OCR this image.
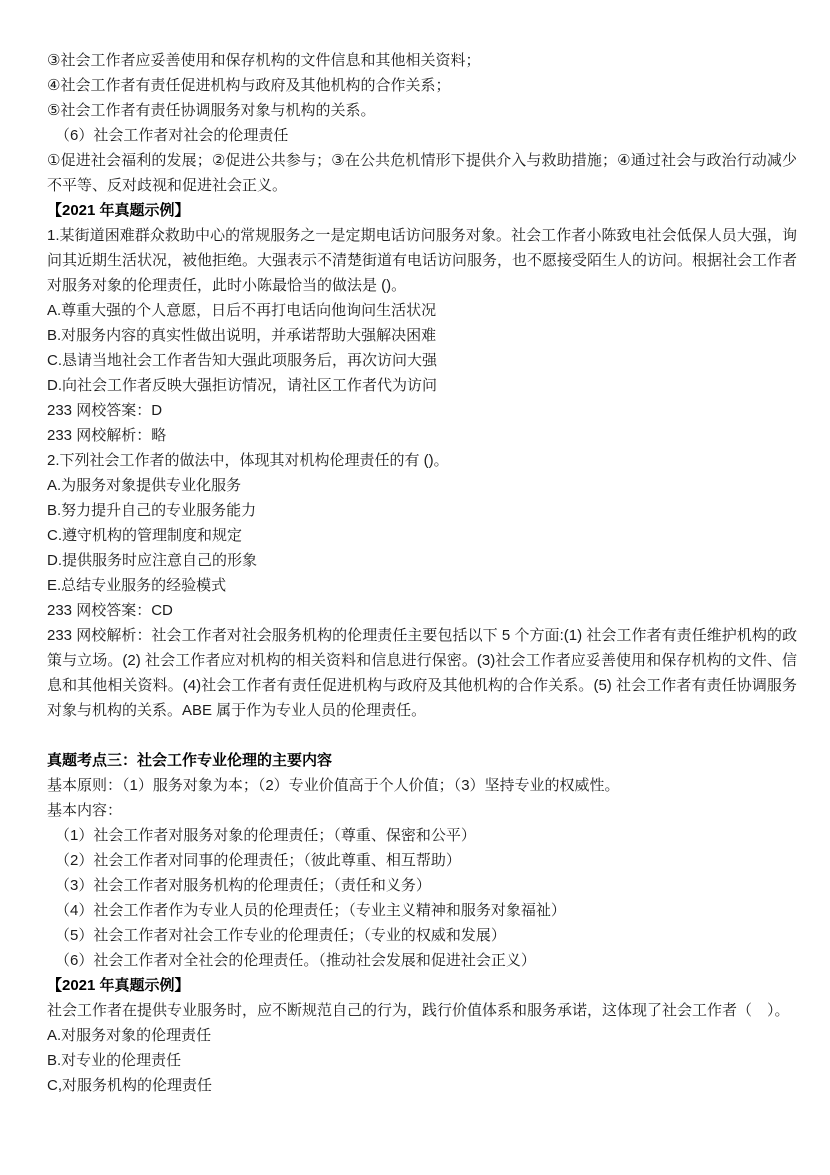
③社会工作者应妥善使用和保存机构的文件信息和其他相关资料；

④社会工作者有责任促进机构与政府及其他机构的合作关系；

⑤社会工作者有责任协调服务对象与机构的关系。

（6）社会工作者对社会的伦理责任

①促进社会福利的发展；②促进公共参与；③在公共危机情形下提供介入与救助措施；④通过社会与政治行动减少不平等、反对歧视和促进社会正义。

【2021 年真题示例】

1.某街道困难群众救助中心的常规服务之一是定期电话访问服务对象。社会工作者小陈致电社会低保人员大强，询问其近期生活状况，被他拒绝。大强表示不清楚街道有电话访问服务，也不愿接受陌生人的访问。根据社会工作者对服务对象的伦理责任，此时小陈最恰当的做法是 ()。

A.尊重大强的个人意愿，日后不再打电话向他询问生活状况

B.对服务内容的真实性做出说明，并承诺帮助大强解决困难

C.恳请当地社会工作者告知大强此项服务后，再次访问大强

D.向社会工作者反映大强拒访情况，请社区工作者代为访问

233 网校答案：D

233 网校解析：略

2.下列社会工作者的做法中，体现其对机构伦理责任的有 ()。

A.为服务对象提供专业化服务

B.努力提升自己的专业服务能力

C.遵守机构的管理制度和规定

D.提供服务时应注意自己的形象

E.总结专业服务的经验模式

233 网校答案：CD

233 网校解析：社会工作者对社会服务机构的伦理责任主要包括以下 5 个方面:(1) 社会工作者有责任维护机构的政策与立场。(2) 社会工作者应对机构的相关资料和信息进行保密。(3)社会工作者应妥善使用和保存机构的文件、信息和其他相关资料。(4)社会工作者有责任促进机构与政府及其他机构的合作关系。(5) 社会工作者有责任协调服务对象与机构的关系。ABE 属于作为专业人员的伦理责任。

真题考点三：社会工作专业伦理的主要内容

基本原则：（1）服务对象为本；（2）专业价值高于个人价值；（3）坚持专业的权威性。

基本内容：

（1）社会工作者对服务对象的伦理责任；（尊重、保密和公平）

（2）社会工作者对同事的伦理责任；（彼此尊重、相互帮助）

（3）社会工作者对服务机构的伦理责任；（责任和义务）

（4）社会工作者作为专业人员的伦理责任；（专业主义精神和服务对象福祉）

（5）社会工作者对社会工作专业的伦理责任；（专业的权威和发展）

（6）社会工作者对全社会的伦理责任。（推动社会发展和促进社会正义）

【2021 年真题示例】

社会工作者在提供专业服务时，应不断规范自己的行为，践行价值体系和服务承诺，这体现了社会工作者（　）。

A.对服务对象的伦理责任

B.对专业的伦理责任

C,对服务机构的伦理责任
